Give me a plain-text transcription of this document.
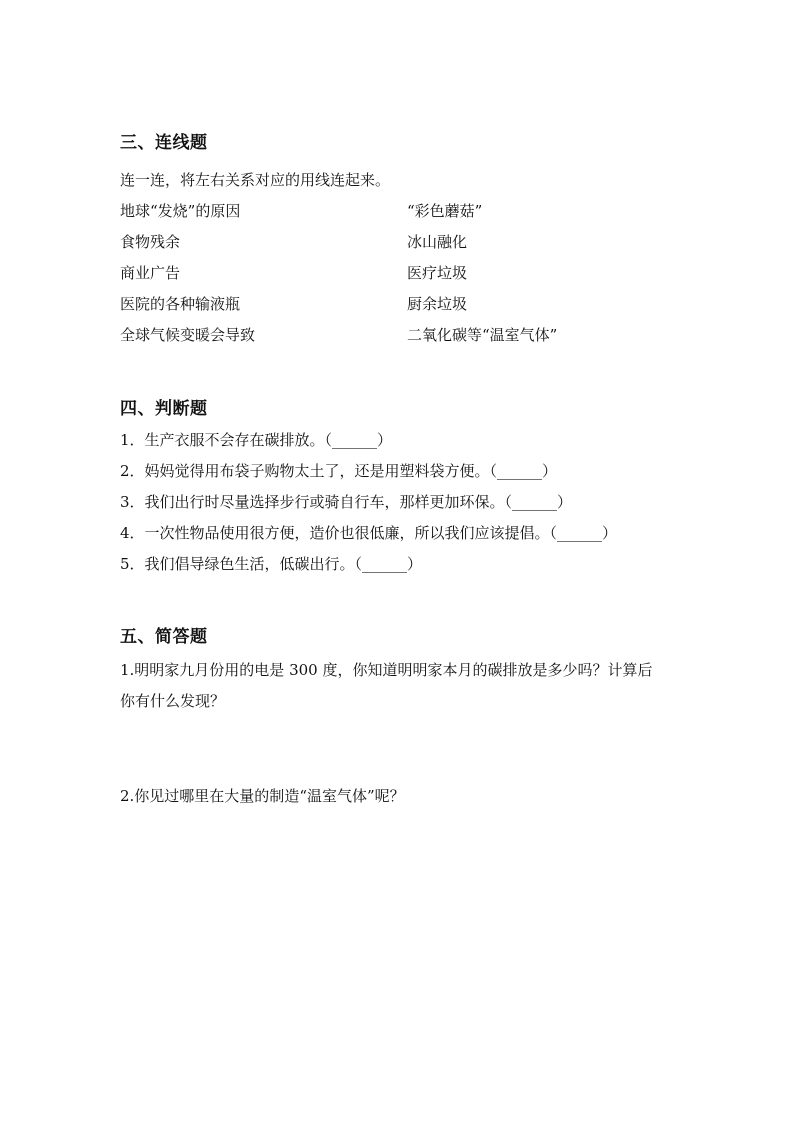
三、连线题
连一连，将左右关系对应的用线连起来。
地球“发烧”的原因
食物残余
商业广告
医院的各种输液瓶
全球气候变暖会导致
“彩色蘑菇”
冰山融化
医疗垃圾
厨余垃圾
二氧化碳等“温室气体”
四、判断题
1．生产衣服不会存在碳排放。（______）
2．妈妈觉得用布袋子购物太土了，还是用塑料袋方便。（______）
3．我们出行时尽量选择步行或骑自行车，那样更加环保。（______）
4．一次性物品使用很方便，造价也很低廉，所以我们应该提倡。（______）
5．我们倡导绿色生活，低碳出行。（______）
五、简答题
1.明明家九月份用的电是 300 度，你知道明明家本月的碳排放是多少吗？计算后
你有什么发现？
2.你见过哪里在大量的制造“温室气体”呢？
